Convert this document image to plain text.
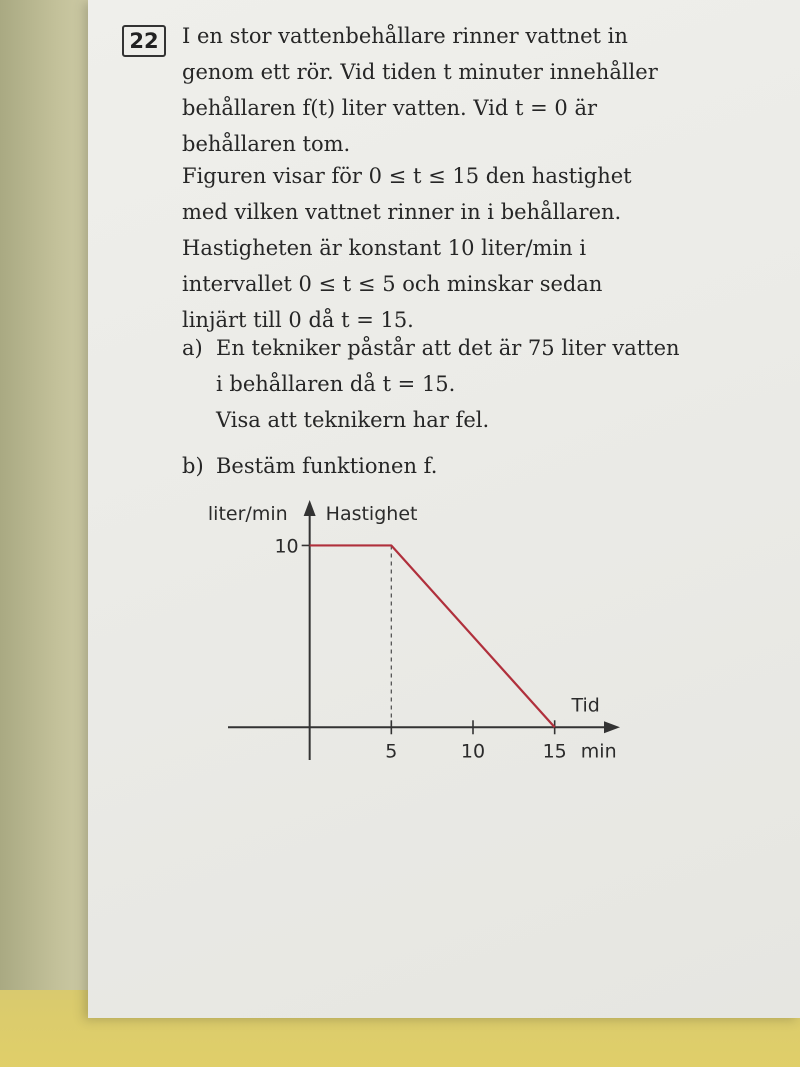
22	I en stor vattenbehållare rinner vattnet in
genom ett rör. Vid tiden t minuter innehåller
behållaren f(t) liter vatten. Vid t = 0 är
behållaren tom.
Figuren visar för 0 ≤ t ≤ 15 den hastighet
med vilken vattnet rinner in i behållaren.
Hastigheten är konstant 10 liter/min i
intervallet 0 ≤ t ≤ 5 och minskar sedan
linjärt till 0 då t = 15.
a) En tekniker påstår att det är 75 liter vatten
i behållaren då t = 15.
Visa att teknikern har fel.
b) Bestäm funktionen f.
liter/min Hastighet
Tid
min
5	10	15
10
